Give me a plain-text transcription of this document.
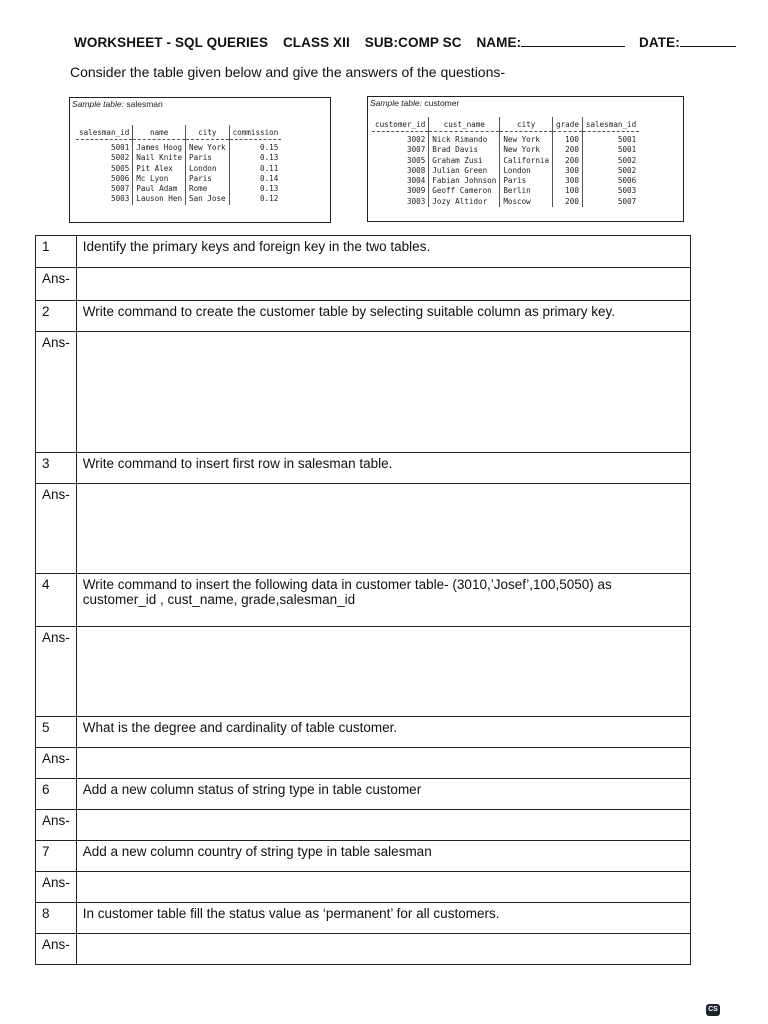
WORKSHEET - SQL QUERIES CLASS XII SUB:COMP SC NAME:	DATE:
Consider the table given below and give the answers of the questions-
Sample table: salesman
salesman_id	name	city	commission
5001	James Hoog	New York	0.15
5002	Nail Knite	Paris	0.13
5005	Pit Alex	London	0.11
5006	Mc Lyon	Paris	0.14
5007	Paul Adam	Rome	0.13
5003	Lauson Hen	San Jose	0.12
Sample table: customer
customer_id	cust_name	city	grade	salesman_id
3002	Nick Rimando	New York	100	5001
3007	Brad Davis	New York	200	5001
3005	Graham Zusi	California	200	5002
3008	Julian Green	London	300	5002
3004	Fabian Johnson	Paris	300	5006
3009	Geoff Cameron	Berlin	100	5003
3003	Jozy Altidor	Moscow	200	5007
1	Identify the primary keys and foreign key in the two tables.
Ans-	
2	Write command to create the customer table by selecting suitable column as primary key.
Ans-	
3	Write command to insert first row in salesman table.
Ans-	
4	Write command to insert the following data in customer table- (3010,’Josef’,100,5050) as customer_id , cust_name, grade,salesman_id
Ans-	
5	What is the degree and cardinality of table customer.
Ans-	
6	Add a new column status of string type in table customer
Ans-	
7	Add a new column country of string type in table salesman
Ans-	
8	In customer table fill the status value as ‘permanent’ for all customers.
Ans-	
CS
